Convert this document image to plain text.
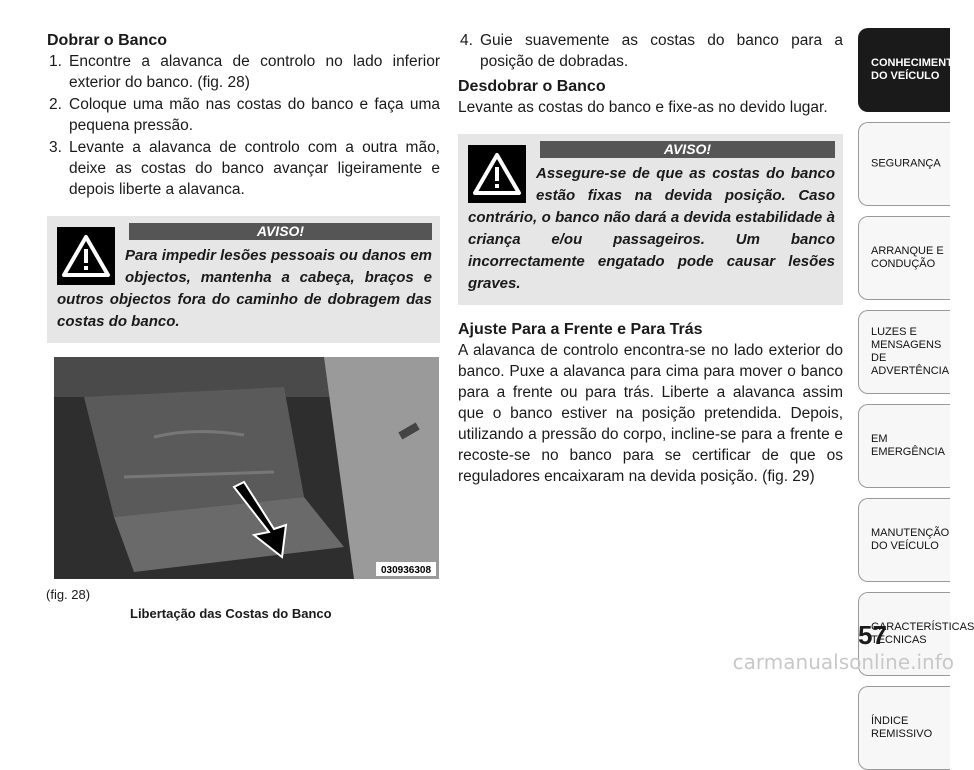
Dobrar o Banco

1. Encontre a alavanca de controlo no lado inferior exterior do banco. (fig. 28)
2. Coloque uma mão nas costas do banco e faça uma pequena pressão.
3. Levante a alavanca de controlo com a outra mão, deixe as costas do banco avançar ligeiramente e depois liberte a alavanca.
AVISO!

Para impedir lesões pessoais ou danos em objectos, mantenha a cabeça, braços e outros objectos fora do caminho de dobragem das costas do banco.

030936308
(fig. 28)
Libertação das Costas do Banco
4. Guie suavemente as costas do banco para a posição de dobradas.

Desdobrar o Banco

Levante as costas do banco e fixe-as no devido lugar.

AVISO!

Assegure-se de que as costas do banco estão fixas na devida posição. Caso contrário, o banco não dará a devida estabilidade à criança e/ou passageiros. Um banco incorrectamente engatado pode causar lesões graves.

Ajuste Para a Frente e Para Trás

A alavanca de controlo encontra-se no lado exterior do banco. Puxe a alavanca para cima para mover o banco para a frente ou para trás. Liberte a alavanca assim que o banco estiver na posição pretendida. Depois, utilizando a pressão do corpo, incline-se para a frente e recoste-se no banco para se certificar de que os reguladores encaixaram na devida posição. (fig. 29)

CONHECIMENTO DO VEÍCULO
SEGURANÇA
ARRANQUE E CONDUÇÃO
LUZES E MENSAGENS DE ADVERTÊNCIA
EM EMERGÊNCIA
MANUTENÇÃO DO VEÍCULO
CARACTERÍSTICAS TÉCNICAS
ÍNDICE REMISSIVO
57
carmanualsonline.info
